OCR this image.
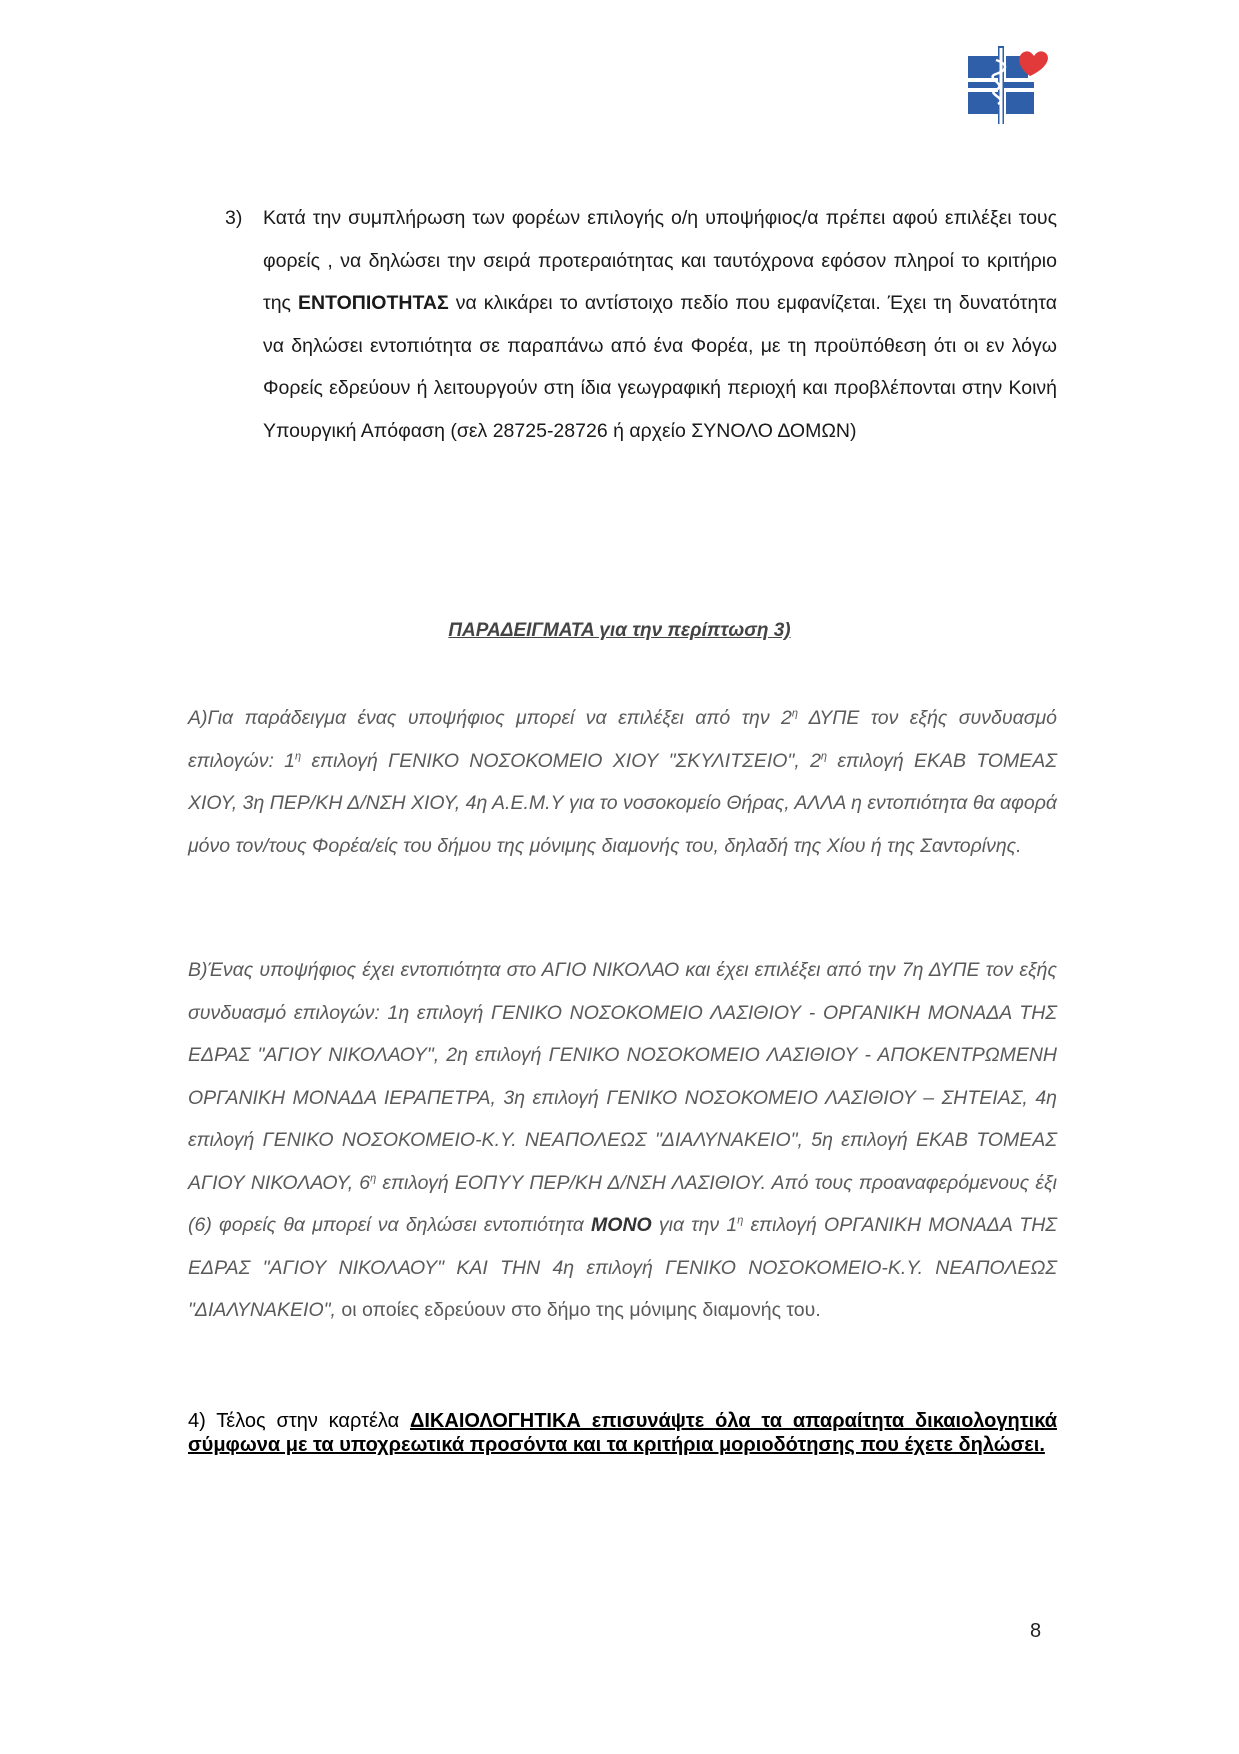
3) Κατά την συμπλήρωση των φορέων επιλογής ο/η υποψήφιος/α πρέπει αφού επιλέξει τους φορείς , να δηλώσει την σειρά προτεραιότητας και ταυτόχρονα εφόσον πληροί το κριτήριο της ΕΝΤΟΠΙΟΤΗΤΑΣ να κλικάρει το αντίστοιχο πεδίο που εμφανίζεται. Έχει τη δυνατότητα να δηλώσει εντοπιότητα σε παραπάνω από ένα Φορέα, με τη προϋπόθεση ότι οι εν λόγω Φορείς εδρεύουν ή λειτουργούν στη ίδια γεωγραφική περιοχή και προβλέπονται στην Κοινή Υπουργική Απόφαση (σελ 28725-28726 ή αρχείο ΣΥΝΟΛΟ ΔΟΜΩΝ)
ΠΑΡΑΔΕΙΓΜΑΤΑ για την περίπτωση 3)
Α)Για παράδειγμα ένας υποψήφιος μπορεί να επιλέξει από την $2^\eta$ ΔΥΠΕ τον εξής συνδυασμό επιλογών: $1^\eta$ επιλογή ΓΕΝΙΚΟ ΝΟΣΟΚΟΜΕΙΟ ΧΙΟΥ "ΣΚΥΛΙΤΣΕΙΟ", $2^\eta$ επιλογή ΕΚΑΒ ΤΟΜΕΑΣ ΧΙΟΥ, 3η ΠΕΡ/ΚΗ Δ/ΝΣΗ ΧΙΟΥ, 4η Α.Ε.Μ.Υ για το νοσοκομείο Θήρας, ΑΛΛΑ η εντοπιότητα θα αφορά μόνο τον/τους Φορέα/είς του δήμου της μόνιμης διαμονής του, δηλαδή της Χίου ή της Σαντορίνης.
Β)Ένας υποψήφιος έχει εντοπιότητα στο ΑΓΙΟ ΝΙΚΟΛΑΟ και έχει επιλέξει από την 7η ΔΥΠΕ τον εξής συνδυασμό επιλογών: 1η επιλογή ΓΕΝΙΚΟ ΝΟΣΟΚΟΜΕΙΟ ΛΑΣΙΘΙΟΥ - ΟΡΓΑΝΙΚΗ ΜΟΝΑΔΑ ΤΗΣ ΕΔΡΑΣ "ΑΓΙΟΥ ΝΙΚΟΛΑΟΥ", 2η επιλογή ΓΕΝΙΚΟ ΝΟΣΟΚΟΜΕΙΟ ΛΑΣΙΘΙΟΥ - ΑΠΟΚΕΝΤΡΩΜΕΝΗ ΟΡΓΑΝΙΚΗ ΜΟΝΑΔΑ ΙΕΡΑΠΕΤΡΑ, 3η επιλογή ΓΕΝΙΚΟ ΝΟΣΟΚΟΜΕΙΟ ΛΑΣΙΘΙΟΥ – ΣΗΤΕΙΑΣ, 4η επιλογή ΓΕΝΙΚΟ ΝΟΣΟΚΟΜΕΙΟ-Κ.Υ. ΝΕΑΠΟΛΕΩΣ "ΔΙΑΛΥΝΑΚΕΙΟ", 5η επιλογή ΕΚΑΒ ΤΟΜΕΑΣ ΑΓΙΟΥ ΝΙΚΟΛΑΟΥ, $6^\eta$ επιλογή ΕΟΠΥΥ ΠΕΡ/ΚΗ Δ/ΝΣΗ ΛΑΣΙΘΙΟΥ. Από τους προαναφερόμενους έξι (6) φορείς θα μπορεί να δηλώσει εντοπιότητα ΜΟΝΟ για την $1^\eta$ επιλογή ΟΡΓΑΝΙΚΗ ΜΟΝΑΔΑ ΤΗΣ ΕΔΡΑΣ "ΑΓΙΟΥ ΝΙΚΟΛΑΟΥ" ΚΑΙ ΤΗΝ 4η επιλογή ΓΕΝΙΚΟ ΝΟΣΟΚΟΜΕΙΟ-Κ.Υ. ΝΕΑΠΟΛΕΩΣ "ΔΙΑΛΥΝΑΚΕΙΟ", οι οποίες εδρεύουν στο δήμο της μόνιμης διαμονής του.
4) Τέλος στην καρτέλα ΔΙΚΑΙΟΛΟΓΗΤΙΚΑ επισυνάψτε όλα τα απαραίτητα δικαιολογητικά σύμφωνα με τα υποχρεωτικά προσόντα και τα κριτήρια μοριοδότησης που έχετε δηλώσει.
8
